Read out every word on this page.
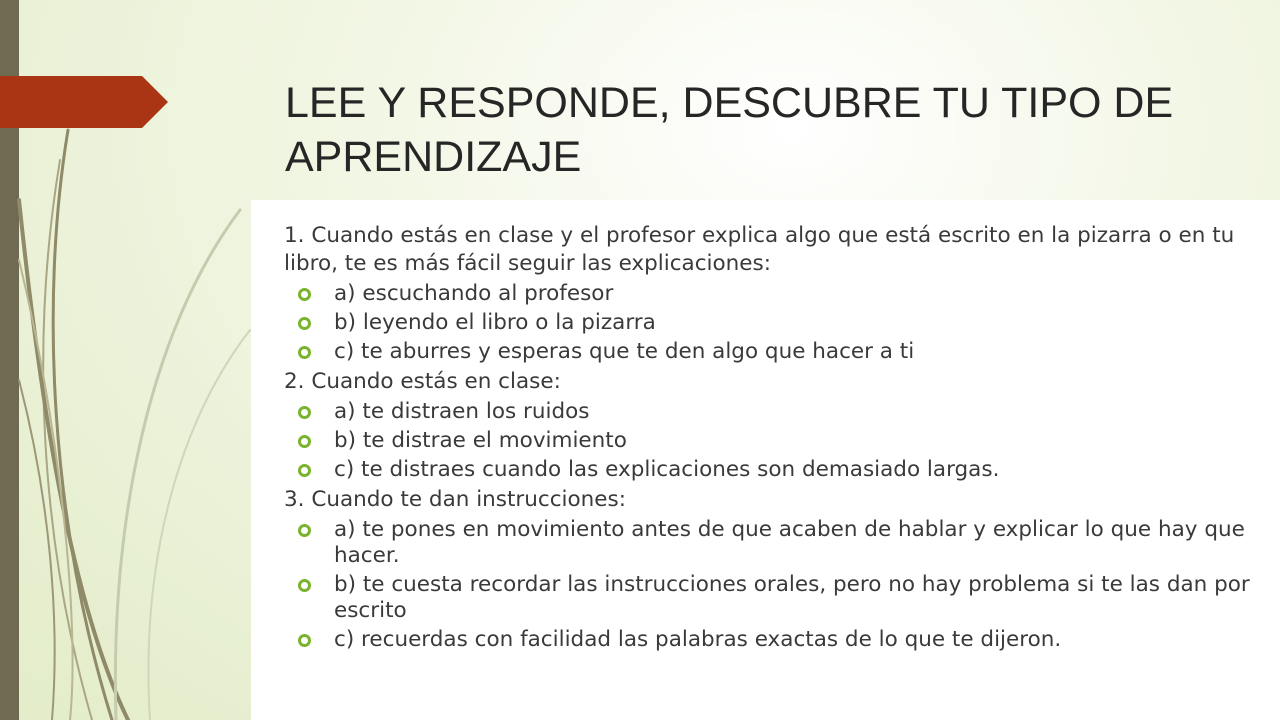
LEE Y RESPONDE, DESCUBRE TU TIPO DE APRENDIZAJE

1. Cuando estás en clase y el profesor explica algo que está escrito en la pizarra o en tu libro, te es más fácil seguir las explicaciones:

a) escuchando al profesor
b) leyendo el libro o la pizarra
c) te aburres y esperas que te den algo que hacer a ti

2. Cuando estás en clase:

a) te distraen los ruidos
b) te distrae el movimiento
c) te distraes cuando las explicaciones son demasiado largas.

3. Cuando te dan instrucciones:

a) te pones en movimiento antes de que acaben de hablar y explicar lo que hay que hacer.
b) te cuesta recordar las instrucciones orales, pero no hay problema si te las dan por escrito
c) recuerdas con facilidad las palabras exactas de lo que te dijeron.
